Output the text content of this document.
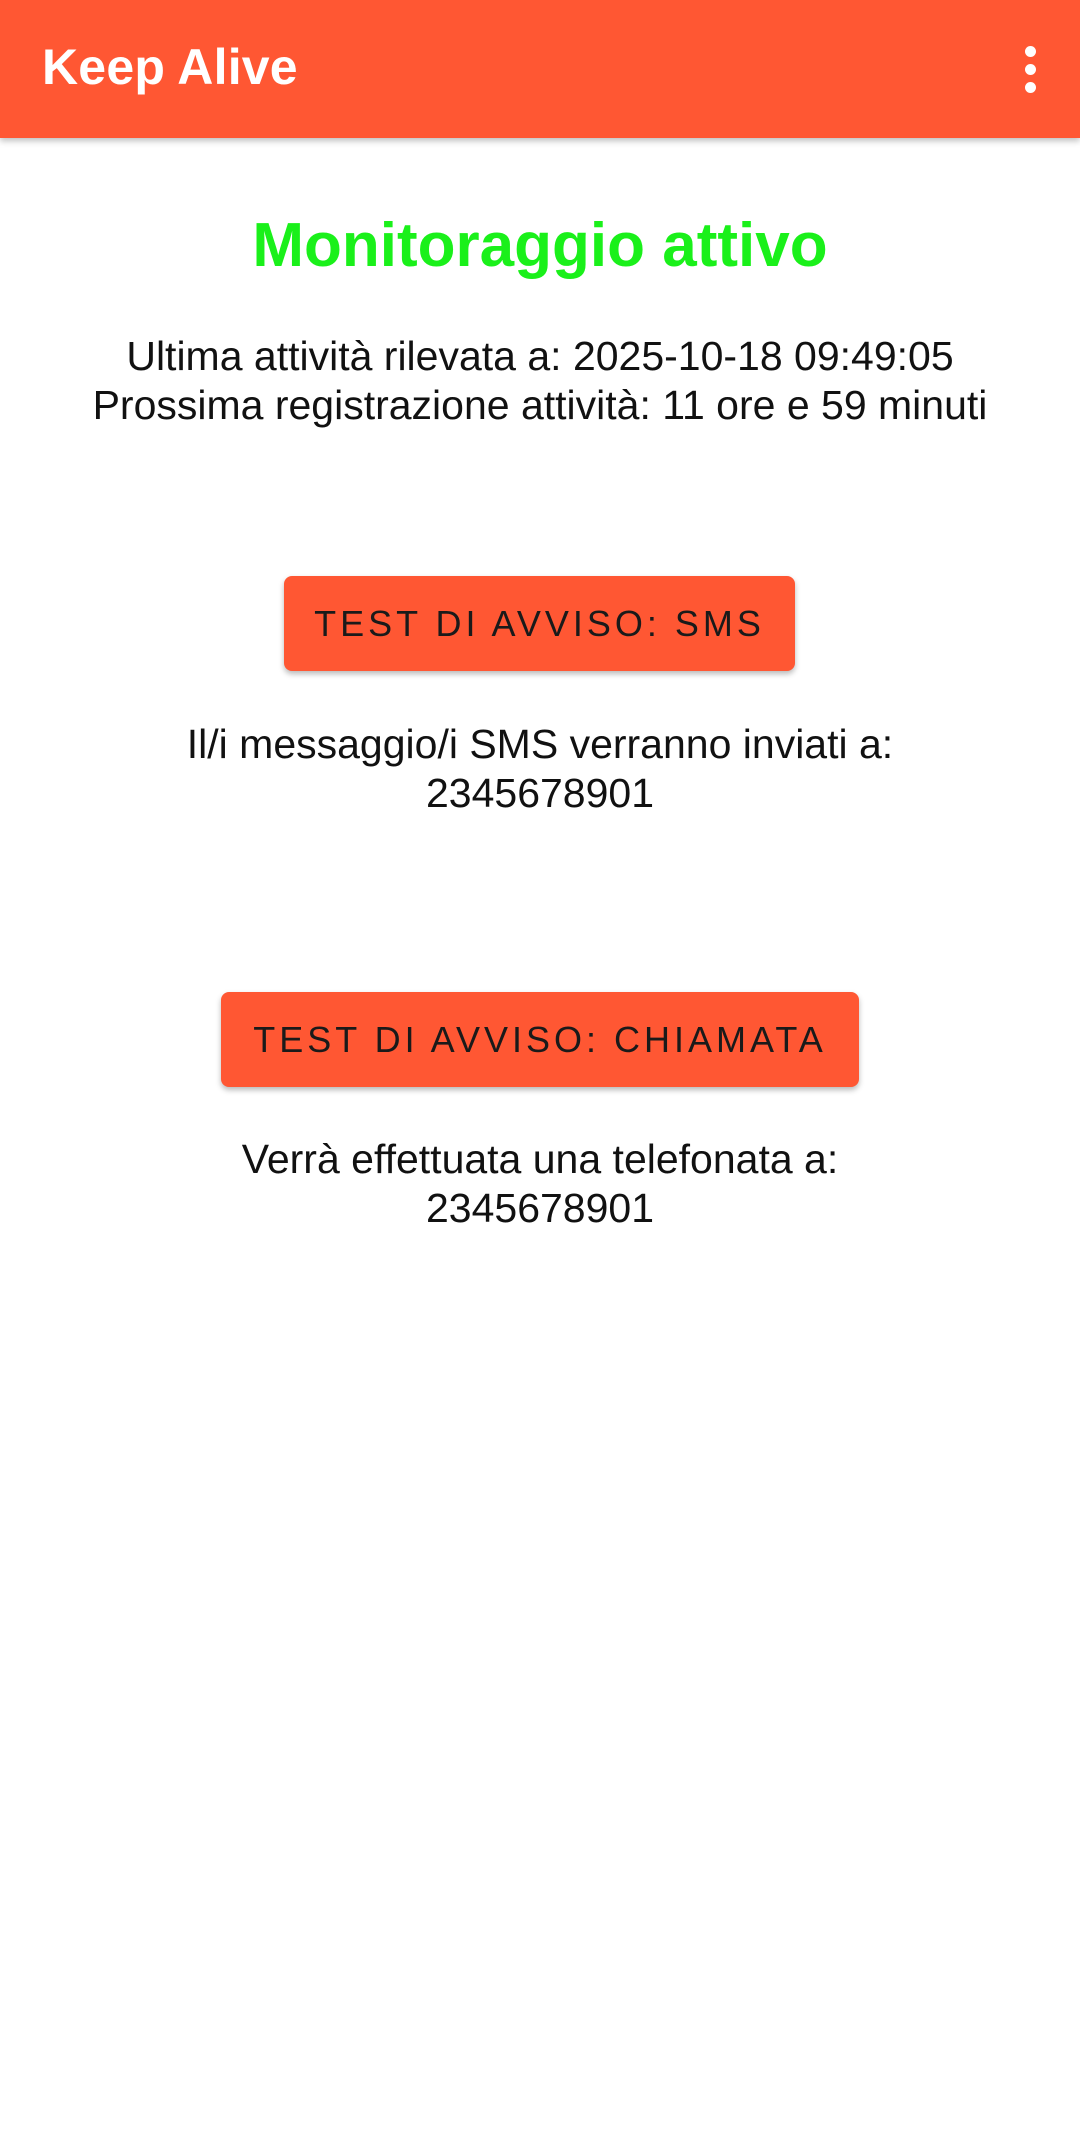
Keep Alive
Monitoraggio attivo
Ultima attività rilevata a: 2025-10-18 09:49:05
Prossima registrazione attività: 11 ore e 59 minuti
TEST DI AVVISO: SMS
Il/i messaggio/i SMS verranno inviati a:
2345678901
TEST DI AVVISO: CHIAMATA
Verrà effettuata una telefonata a:
2345678901
